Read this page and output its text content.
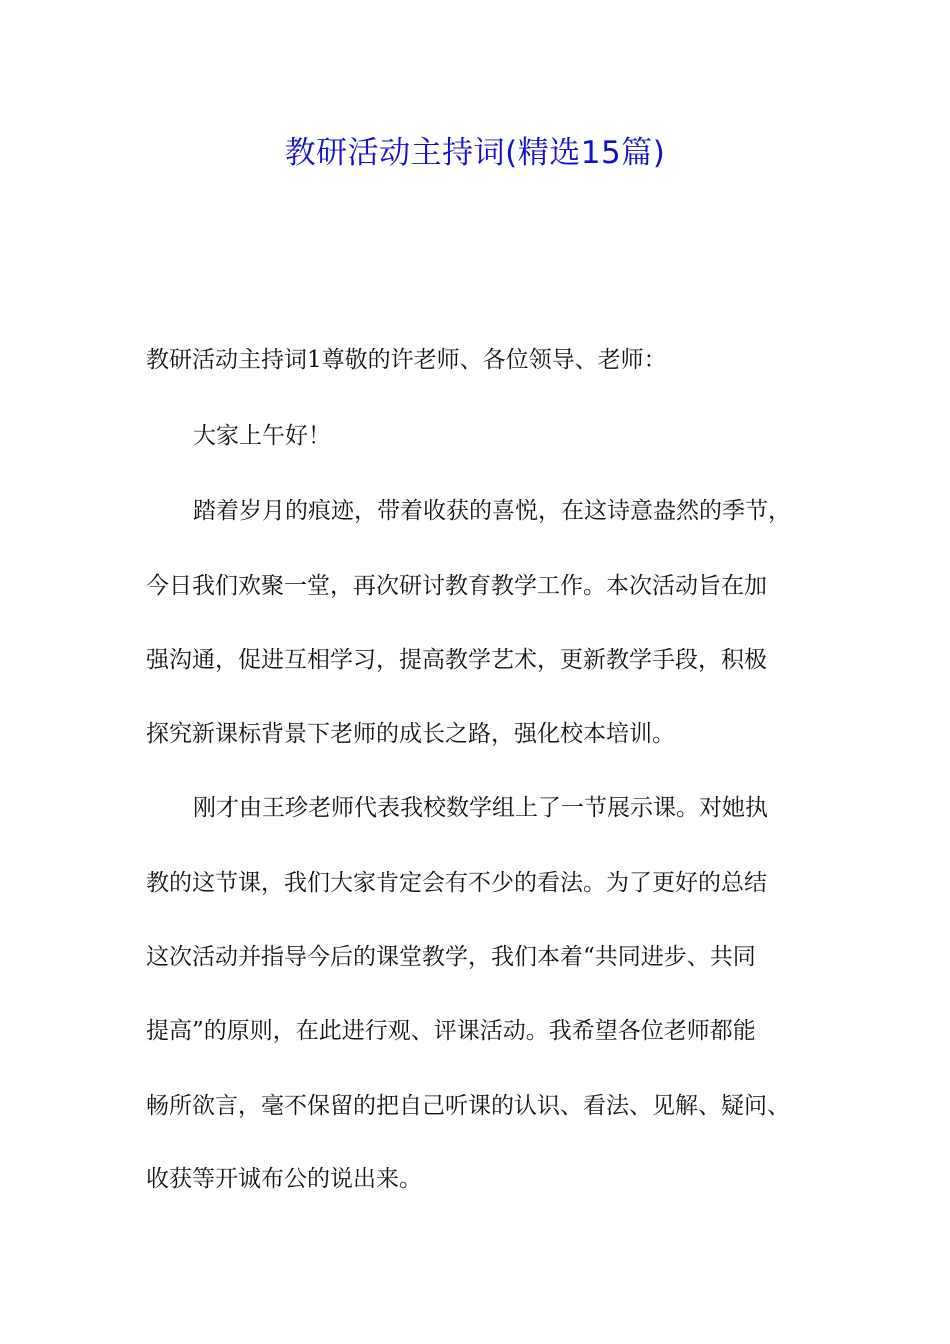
教研活动主持词(精选15篇)
教研活动主持词1尊敬的许老师、各位领导、老师：
大家上午好！
踏着岁月的痕迹，带着收获的喜悦，在这诗意盎然的季节，
今日我们欢聚一堂，再次研讨教育教学工作。本次活动旨在加
强沟通，促进互相学习，提高教学艺术，更新教学手段，积极
探究新课标背景下老师的成长之路，强化校本培训。
刚才由王珍老师代表我校数学组上了一节展示课。对她执
教的这节课，我们大家肯定会有不少的看法。为了更好的总结
这次活动并指导今后的课堂教学，我们本着“共同进步、共同
提高”的原则，在此进行观、评课活动。我希望各位老师都能
畅所欲言，毫不保留的把自己听课的认识、看法、见解、疑问、
收获等开诚布公的说出来。
